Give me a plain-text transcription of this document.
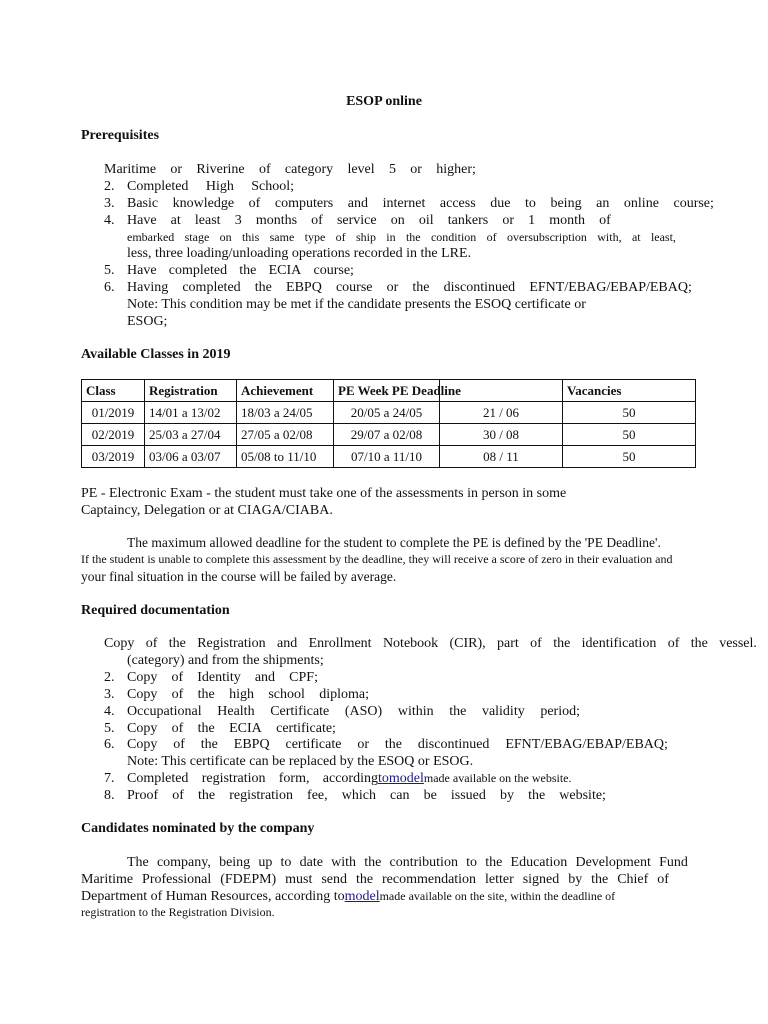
ESOP online
Prerequisites
Maritime or Riverine of category level 5 or higher;
2. Completed High School;
3. Basic knowledge of computers and internet access due to being an online course;
4. Have at least 3 months of service on oil tankers or 1 month of
embarked stage on this same type of ship in the condition of oversubscription with, at least,
less, three loading/unloading operations recorded in the LRE.
5. Have completed the ECIA course;
6. Having completed the EBPQ course or the discontinued EFNT/EBAG/EBAP/EBAQ;
Note: This condition may be met if the candidate presents the ESOQ certificate or
ESOG;
Available Classes in 2019
Class	Registration	Achievement	PE Week PE Deadline		Vacancies
01/2019	14/01 a 13/02	18/03 a 24/05	20/05 a 24/05	21 / 06	50
02/2019	25/03 a 27/04	27/05 a 02/08	29/07 a 02/08	30 / 08	50
03/2019	03/06 a 03/07	05/08 to 11/10	07/10 a 11/10	08 / 11	50
PE - Electronic Exam - the student must take one of the assessments in person in some
Captaincy, Delegation or at CIAGA/CIABA.
The maximum allowed deadline for the student to complete the PE is defined by the 'PE Deadline'.
If the student is unable to complete this assessment by the deadline, they will receive a score of zero in their evaluation and
your final situation in the course will be failed by average.
Required documentation
Copy of the Registration and Enrollment Notebook (CIR), part of the identification of the vessel.
(category) and from the shipments;
2. Copy of Identity and CPF;
3. Copy of the high school diploma;
4. Occupational Health Certificate (ASO) within the validity period;
5. Copy of the ECIA certificate;
6. Copy of the EBPQ certificate or the discontinued EFNT/EBAG/EBAP/EBAQ;
Note: This certificate can be replaced by the ESOQ or ESOG.
7. Completed registration form, according to model made available on the website.
8. Proof of the registration fee, which can be issued by the website;
Candidates nominated by the company
The company, being up to date with the contribution to the Education Development Fund
Maritime Professional (FDEPM) must send the recommendation letter signed by the Chief of
Department of Human Resources, according tomodelmade available on the site, within the deadline of
registration to the Registration Division.
